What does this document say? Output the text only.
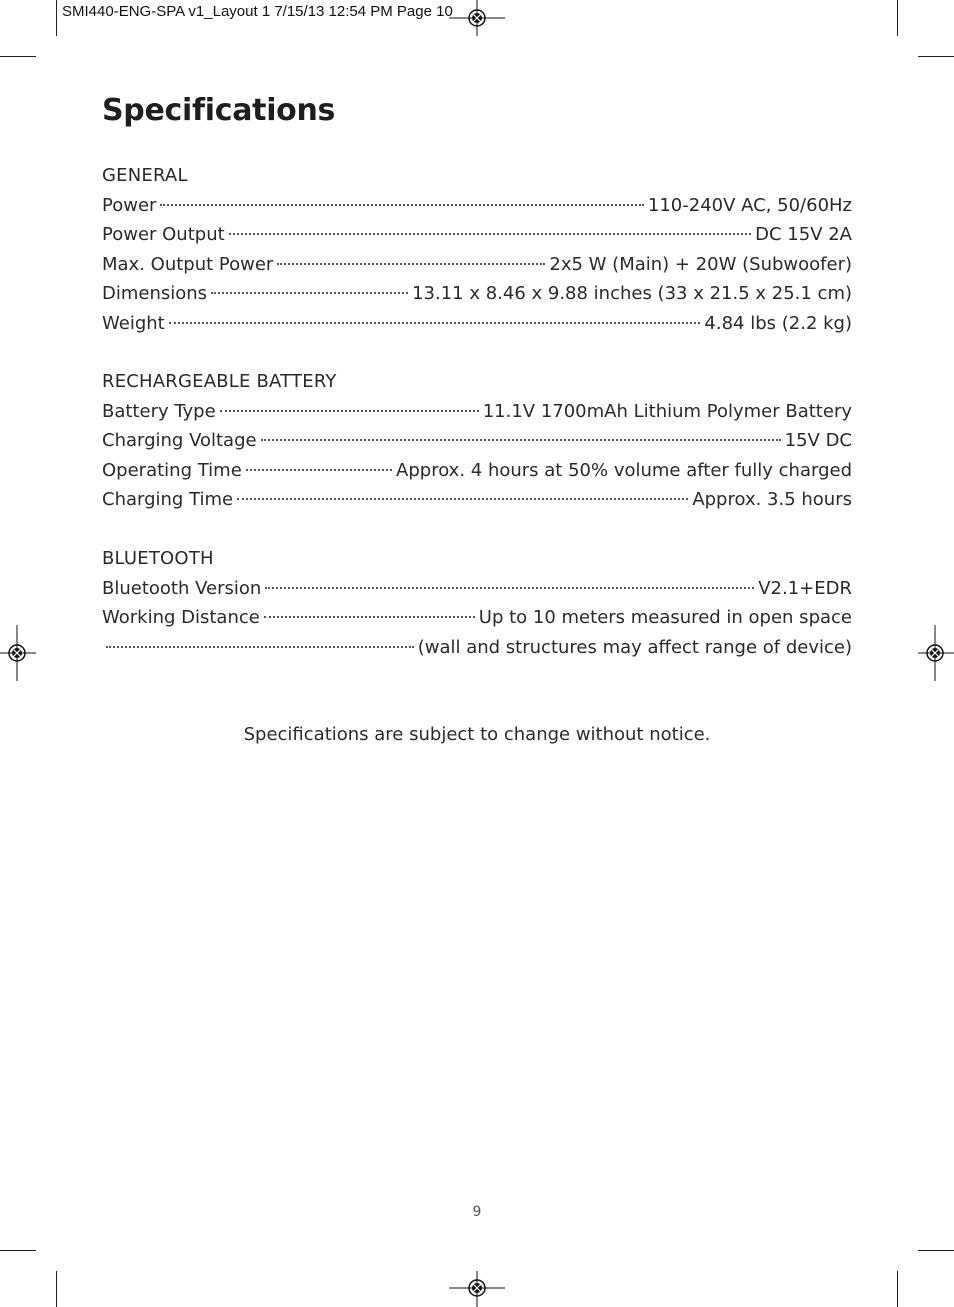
SMI440-ENG-SPA v1_Layout 1 7/15/13 12:54 PM Page 10
Specifications
GENERAL
Power	110-240V AC, 50/60Hz
Power Output	DC 15V 2A
Max. Output Power	2x5 W (Main) + 20W (Subwoofer)
Dimensions	13.11 x 8.46 x 9.88 inches (33 x 21.5 x 25.1 cm)
Weight	4.84 lbs (2.2 kg)
RECHARGEABLE BATTERY
Battery Type	11.1V 1700mAh Lithium Polymer Battery
Charging Voltage	15V DC
Operating Time	Approx. 4 hours at 50% volume after fully charged
Charging Time	Approx. 3.5 hours
BLUETOOTH
Bluetooth Version	V2.1+EDR
Working Distance	Up to 10 meters measured in open space
(wall and structures may affect range of device)
Specifications are subject to change without notice.
9
